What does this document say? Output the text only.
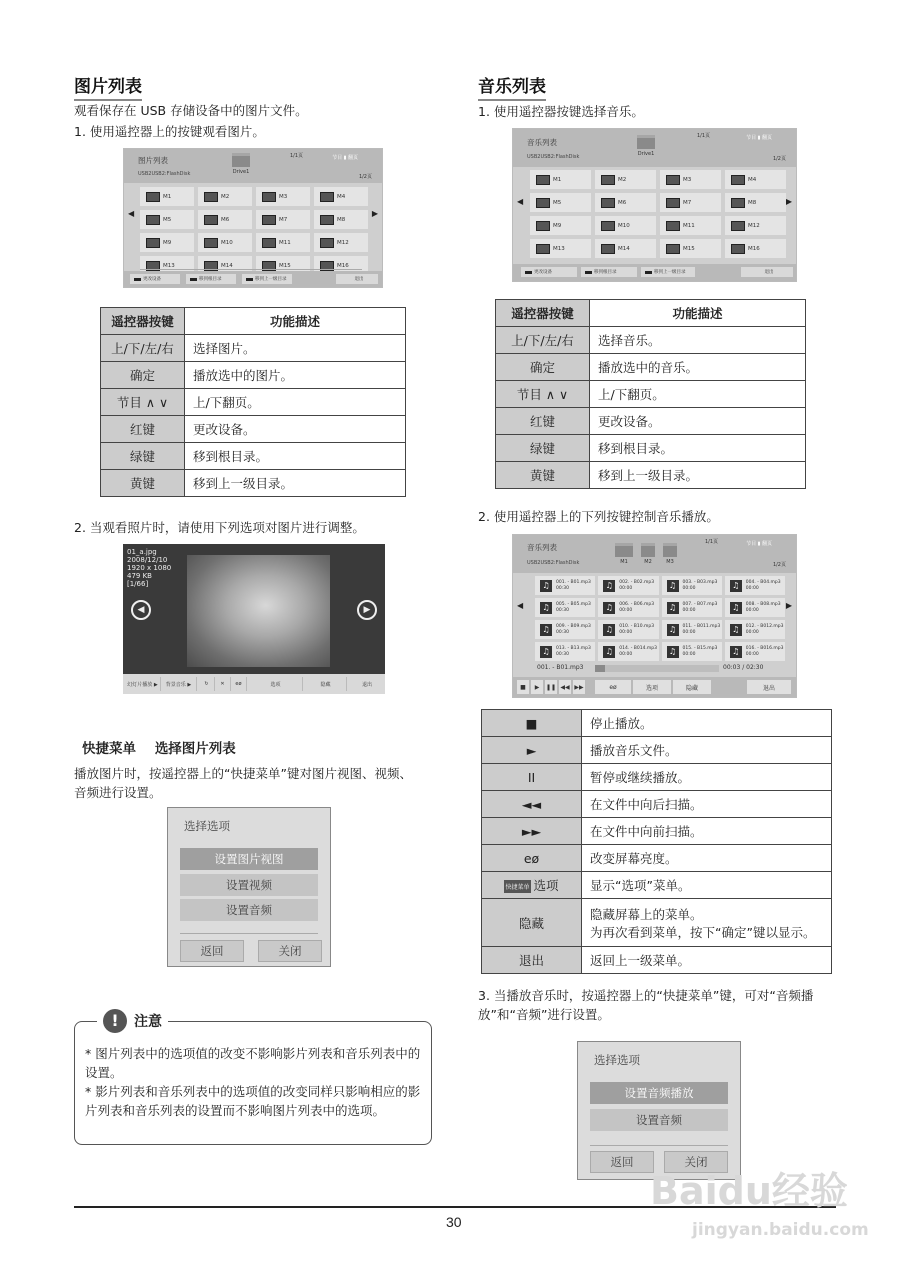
图片列表
观看保存在 USB 存储设备中的图片文件。
1. 使用遥控器上的按键观看图片。
图片列表
USB2USB2:FlashDisk	Drive1
1/1页	节目 ▮ 翻页
1/2页
◀	▶
M1	M2	M3	M4
M5	M6	M7	M8
M9	M10	M11	M12
M13	M14	M15	M16
更改设备	移到根目录	移到上一级目录	退出
遥控器按键	功能描述
上/下/左/右	选择图片。
确定	播放选中的图片。
节目 ∧ ∨	上/下翻页。
红键	更改设备。
绿键	移到根目录。
黄键	移到上一级目录。
2. 当观看照片时，请使用下列选项对图片进行调整。
01_a.jpg
2008/12/10
1920 x 1080
479 KB
[1/66]
◀	▶
幻灯片播放 ▶	背景音乐 ▶	↻	✕	eø	选项	隐藏	退出
快捷菜单 选择图片列表
播放图片时，按遥控器上的“快捷菜单”键对图片视图、视频、音频进行设置。
选择选项
设置图片视图
设置视频
设置音频
返回	关闭
!	注意
* 图片列表中的选项值的改变不影响影片列表和音乐列表中的设置。
* 影片列表和音乐列表中的选项值的改变同样只影响相应的影片列表和音乐列表的设置而不影响图片列表中的选项。
音乐列表
1. 使用遥控器按键选择音乐。
音乐列表
USB2USB2:FlashDisk	Drive1
1/1页	节目 ▮ 翻页
1/2页
◀	▶
M1	M2	M3	M4
M5	M6	M7	M8
M9	M10	M11	M12
M13	M14	M15	M16
更改设备	移到根目录	移到上一级目录	退出
遥控器按键	功能描述
上/下/左/右	选择音乐。
确定	播放选中的音乐。
节目 ∧ ∨	上/下翻页。
红键	更改设备。
绿键	移到根目录。
黄键	移到上一级目录。
2. 使用遥控器上的下列按键控制音乐播放。
音乐列表
USB2USB2:FlashDisk	M1	M2	M3
1/1页	节目 ▮ 翻页
1/2页
◀	▶
♫	001. - B01.mp3
00:30	♫	002. - B02.mp3
00:00	♫	003. - B03.mp3
00:00	♫	004. - B04.mp3
00:00
♫	005. - B05.mp3
00:30	♫	006. - B06.mp3
00:00	♫	007. - B07.mp3
00:00	♫	008. - B08.mp3
00:00
♫	009. - B09.mp3
00:30	♫	010. - B10.mp3
00:00	♫	011. - B011.mp3
00:00	♫	012. - B012.mp3
00:00
♫	013. - B13.mp3
00:30	♫	014. - B014.mp3
00:00	♫	015. - B15.mp3
00:00	♫	016. - B016.mp3
00:00
001. - B01.mp3	00:03 / 02:30
■	▶	❚❚ ◀◀ ▶▶	eø	选项	隐藏	退出
■	停止播放。
►	播放音乐文件。
II	暂停或继续播放。
◄◄	在文件中向后扫描。
►►	在文件中向前扫描。
eø	改变屏幕亮度。
快捷菜单 选项	显示“选项”菜单。
隐藏	隐藏屏幕上的菜单。
为再次看到菜单，按下“确定”键以显示。

退出	返回上一级菜单。
3. 当播放音乐时，按遥控器上的“快捷菜单”键，可对“音频播放”和“音频”进行设置。
选择选项
设置音频播放
设置音频
返回	关闭
30
Baidu经验
jingyan.baidu.com
